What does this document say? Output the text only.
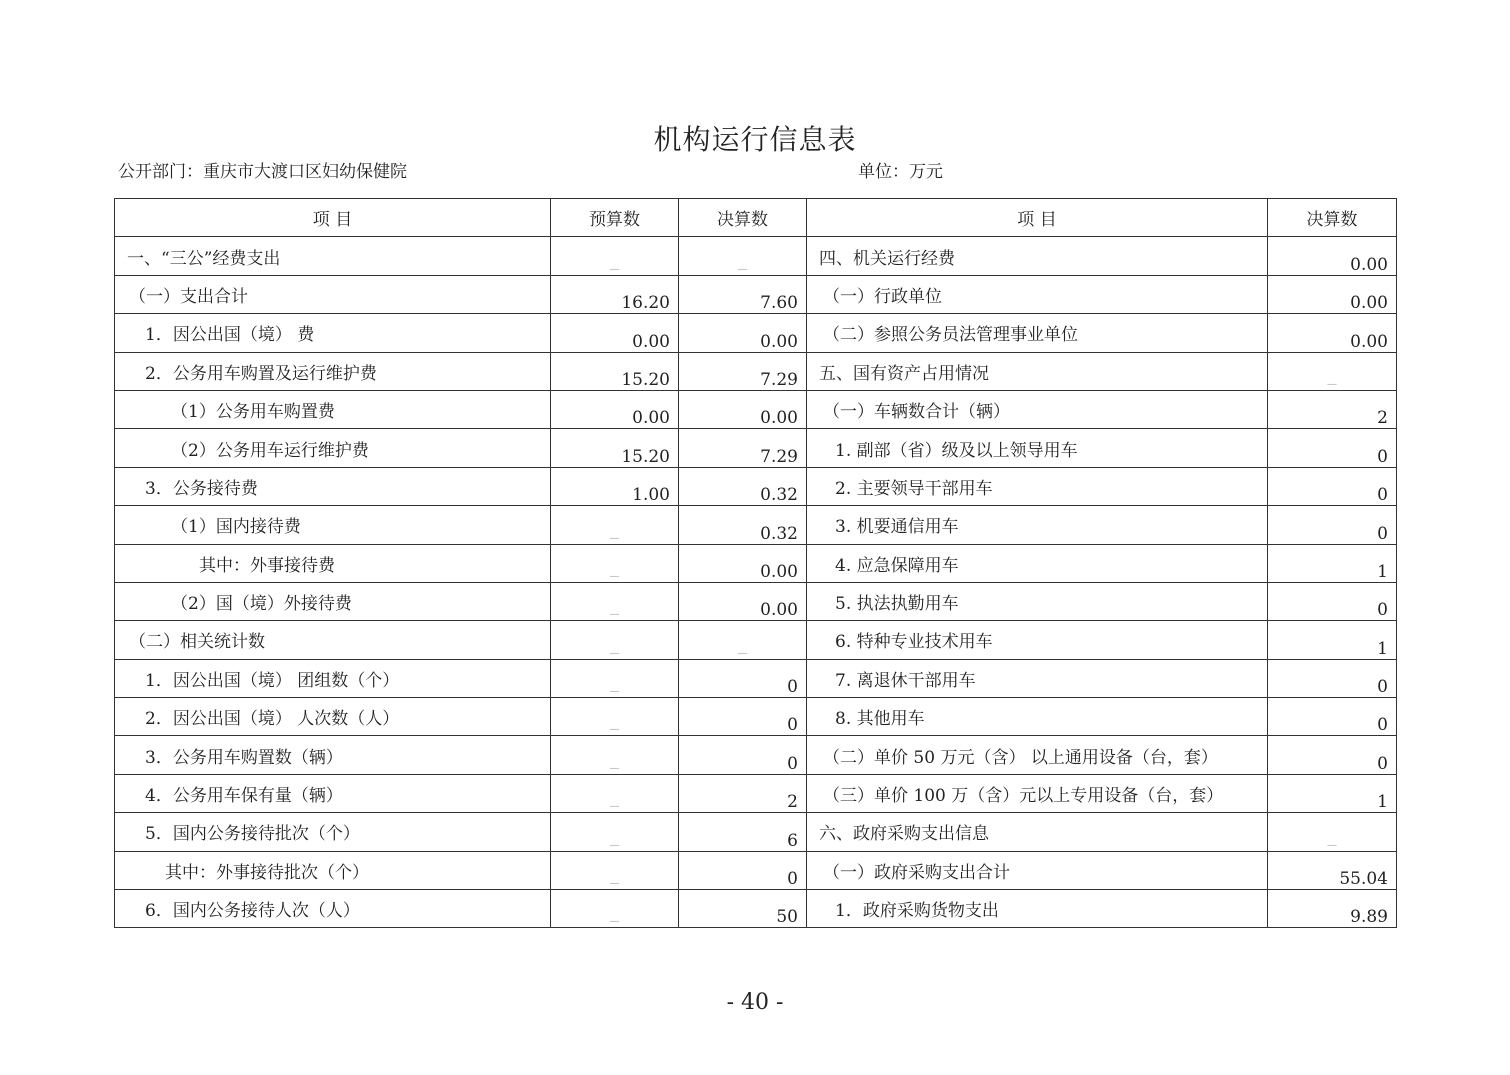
机构运行信息表
公开部门：重庆市大渡口区妇幼保健院	单位：万元
项 目	预算数	决算数	项 目	决算数
一、“三公”经费支出	—	—	四、机关运行经费	0.00
（一）支出合计	16.20	7.60	（一）行政单位	0.00
1．因公出国（境） 费	0.00	0.00	（二）参照公务员法管理事业单位	0.00
2．公务用车购置及运行维护费	15.20	7.29	五、国有资产占用情况	—
（1）公务用车购置费	0.00	0.00	（一）车辆数合计（辆）	2
（2）公务用车运行维护费	15.20	7.29	1. 副部（省）级及以上领导用车	0
3．公务接待费	1.00	0.32	2. 主要领导干部用车	0
（1）国内接待费	—	0.32	3. 机要通信用车	0
其中：外事接待费	—	0.00	4. 应急保障用车	1
（2）国（境）外接待费	—	0.00	5. 执法执勤用车	0
（二）相关统计数	—	—	6. 特种专业技术用车	1
1．因公出国（境） 团组数（个）	—	0	7. 离退休干部用车	0
2．因公出国（境） 人次数（人）	—	0	8. 其他用车	0
3．公务用车购置数（辆）	—	0	（二）单价 50 万元（含） 以上通用设备（台，套）	0
4．公务用车保有量（辆）	—	2	（三）单价 100 万（含）元以上专用设备（台，套）	1
5．国内公务接待批次（个）	—	6	六、政府采购支出信息	—
其中：外事接待批次（个）	—	0	（一）政府采购支出合计	55.04
6．国内公务接待人次（人）	—	50	1．政府采购货物支出	9.89
- 40 -
